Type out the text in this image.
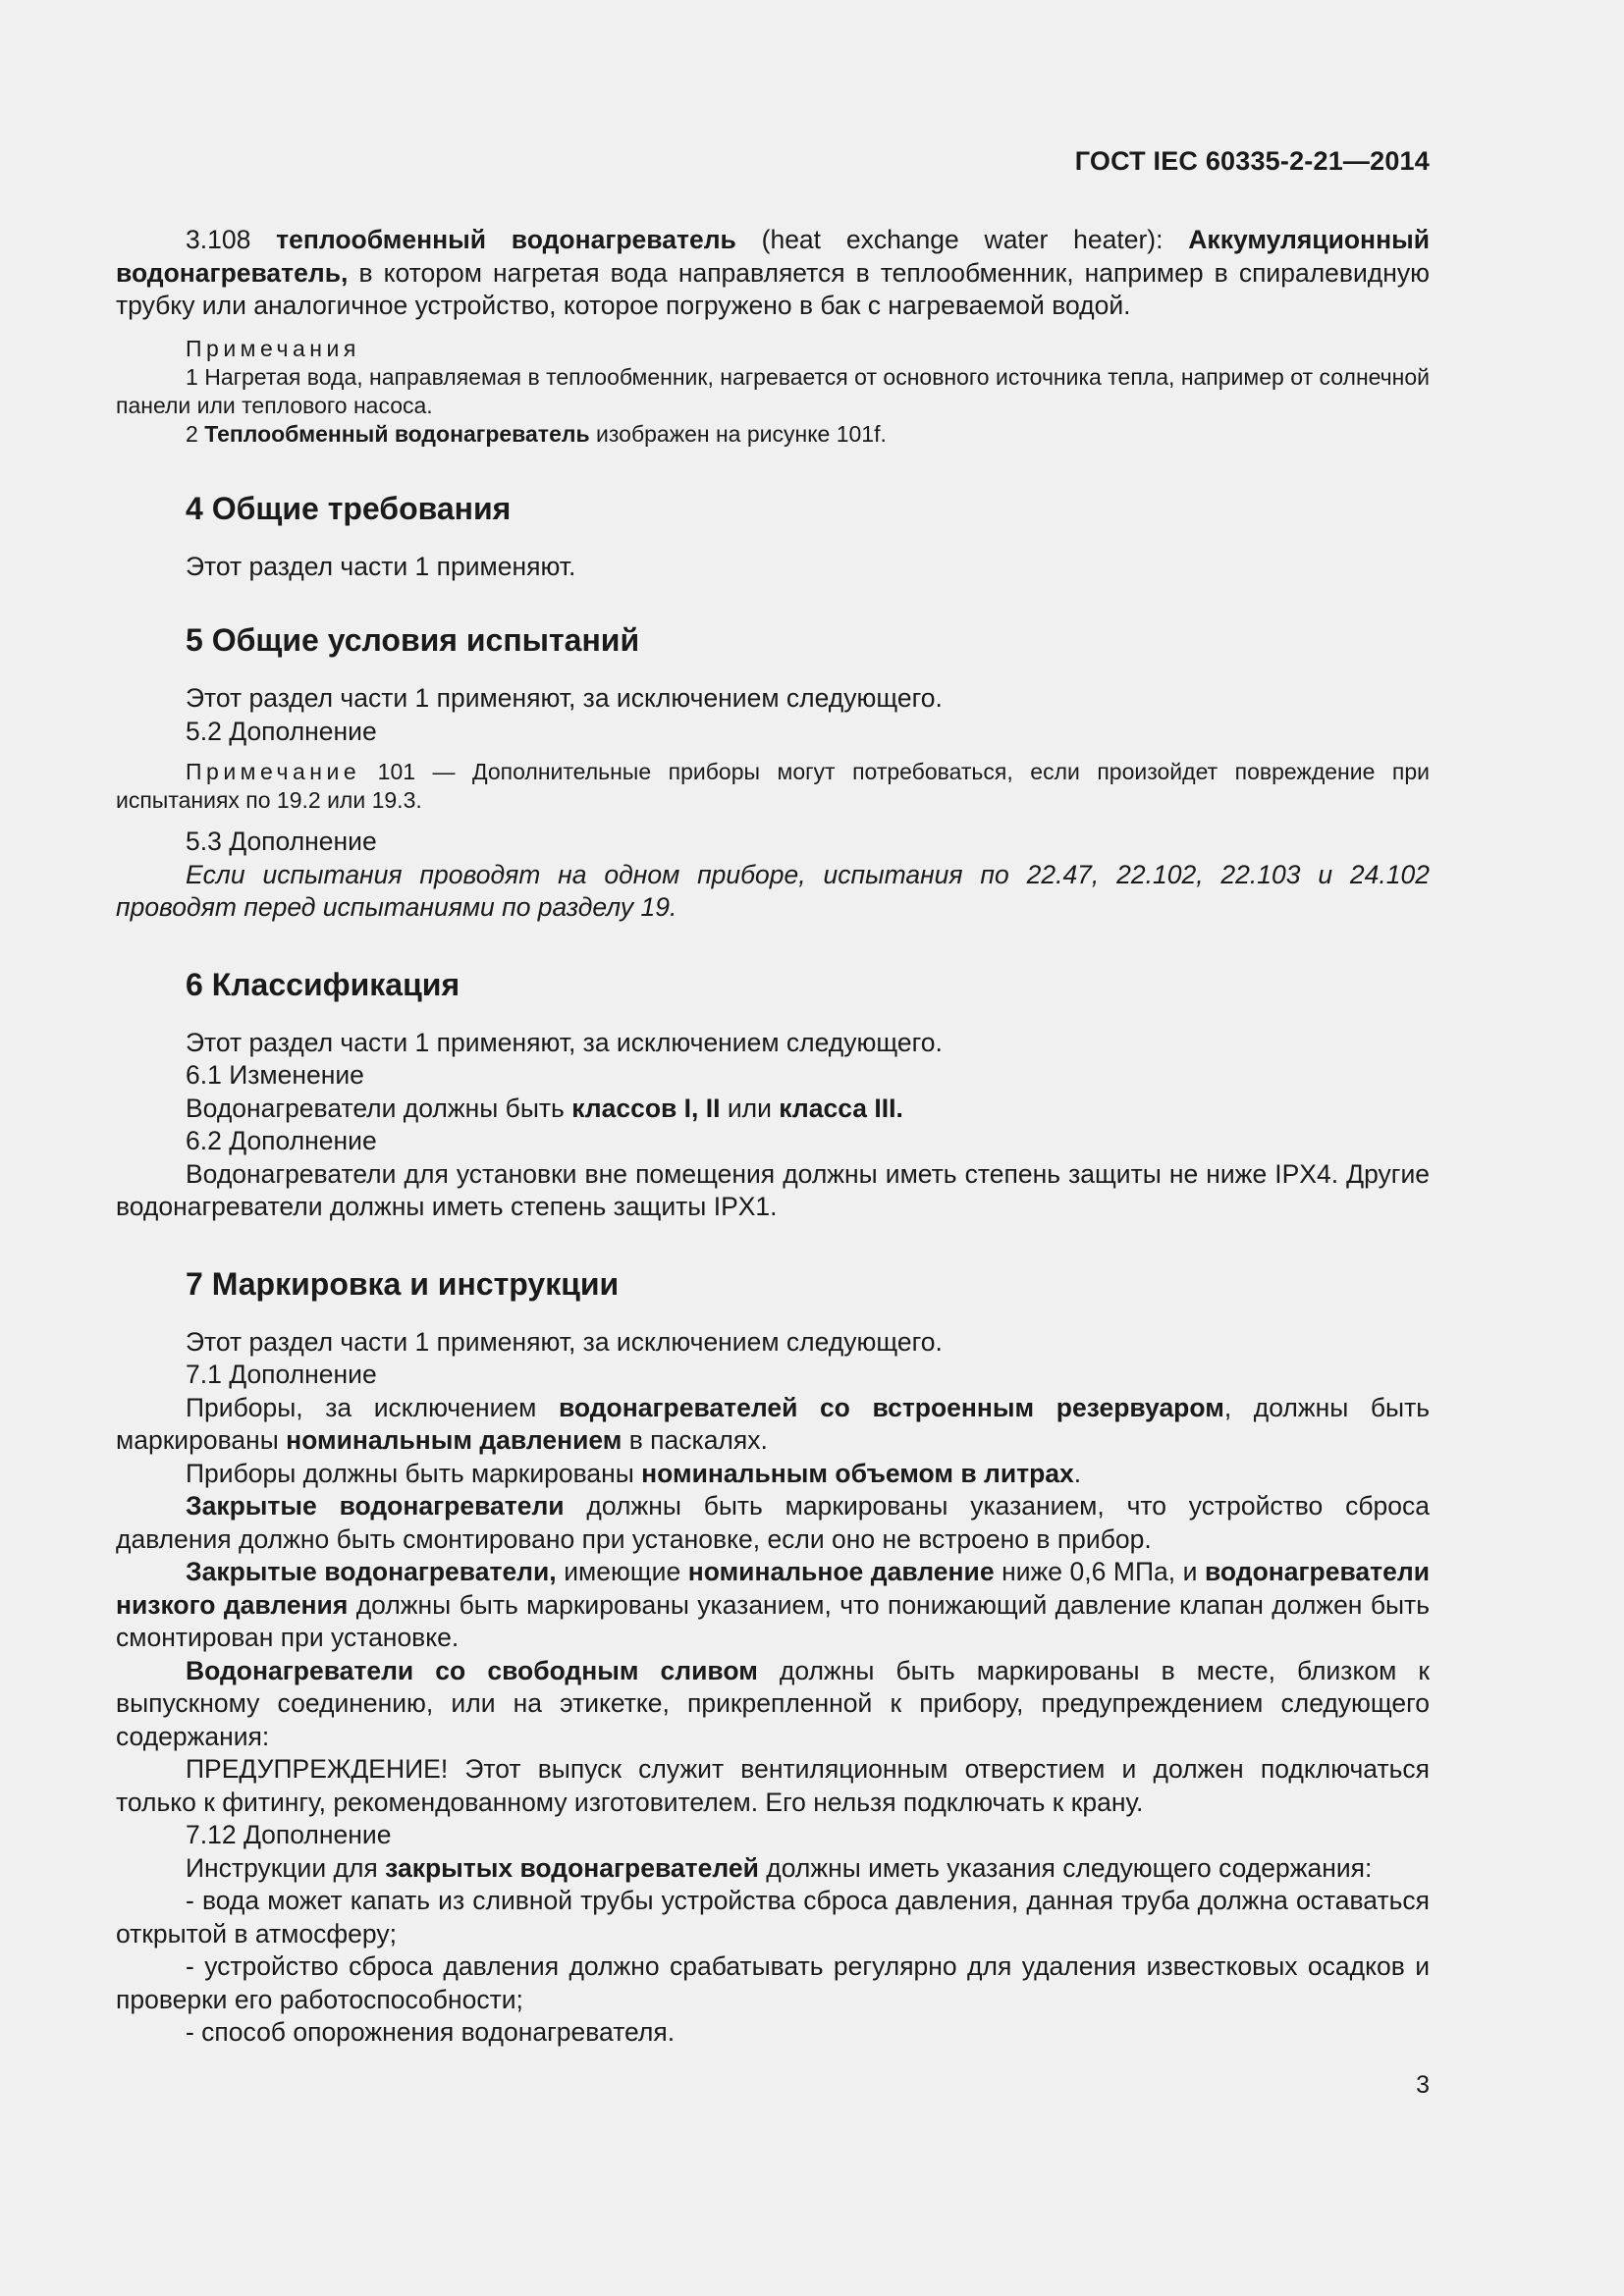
ГОСТ IEC 60335-2-21—2014

3.108 теплообменный водонагреватель (heat exchange water heater): Аккумуляционный водонагреватель, в котором нагретая вода направляется в теплообменник, например в спиралевидную трубку или аналогичное устройство, которое погружено в бак с нагреваемой водой.

Примечания

1 Нагретая вода, направляемая в теплообменник, нагревается от основного источника тепла, например от солнечной панели или теплового насоса.

2 Теплообменный водонагреватель изображен на рисунке 101f.

4 Общие требования

Этот раздел части 1 применяют.

5 Общие условия испытаний

Этот раздел части 1 применяют, за исключением следующего.

5.2 Дополнение

Примечание 101 — Дополнительные приборы могут потребоваться, если произойдет повреждение при испытаниях по 19.2 или 19.3.

5.3 Дополнение

Если испытания проводят на одном приборе, испытания по 22.47, 22.102, 22.103 и 24.102 проводят перед испытаниями по разделу 19.

6 Классификация

Этот раздел части 1 применяют, за исключением следующего.

6.1 Изменение

Водонагреватели должны быть классов I, II или класса III.

6.2 Дополнение

Водонагреватели для установки вне помещения должны иметь степень защиты не ниже IPX4. Другие водонагреватели должны иметь степень защиты IPX1.

7 Маркировка и инструкции

Этот раздел части 1 применяют, за исключением следующего.

7.1 Дополнение

Приборы, за исключением водонагревателей со встроенным резервуаром, должны быть маркированы номинальным давлением в паскалях.

Приборы должны быть маркированы номинальным объемом в литрах.

Закрытые водонагреватели должны быть маркированы указанием, что устройство сброса давления должно быть смонтировано при установке, если оно не встроено в прибор.

Закрытые водонагреватели, имеющие номинальное давление ниже 0,6 МПа, и водонагреватели низкого давления должны быть маркированы указанием, что понижающий давление клапан должен быть смонтирован при установке.

Водонагреватели со свободным сливом должны быть маркированы в месте, близком к выпускному соединению, или на этикетке, прикрепленной к прибору, предупреждением следующего содержания:

ПРЕДУПРЕЖДЕНИЕ! Этот выпуск служит вентиляционным отверстием и должен подключаться только к фитингу, рекомендованному изготовителем. Его нельзя подключать к крану.

7.12 Дополнение

Инструкции для закрытых водонагревателей должны иметь указания следующего содержания:

- вода может капать из сливной трубы устройства сброса давления, данная труба должна оставаться открытой в атмосферу;

- устройство сброса давления должно срабатывать регулярно для удаления известковых осадков и проверки его работоспособности;

- способ опорожнения водонагревателя.

3
